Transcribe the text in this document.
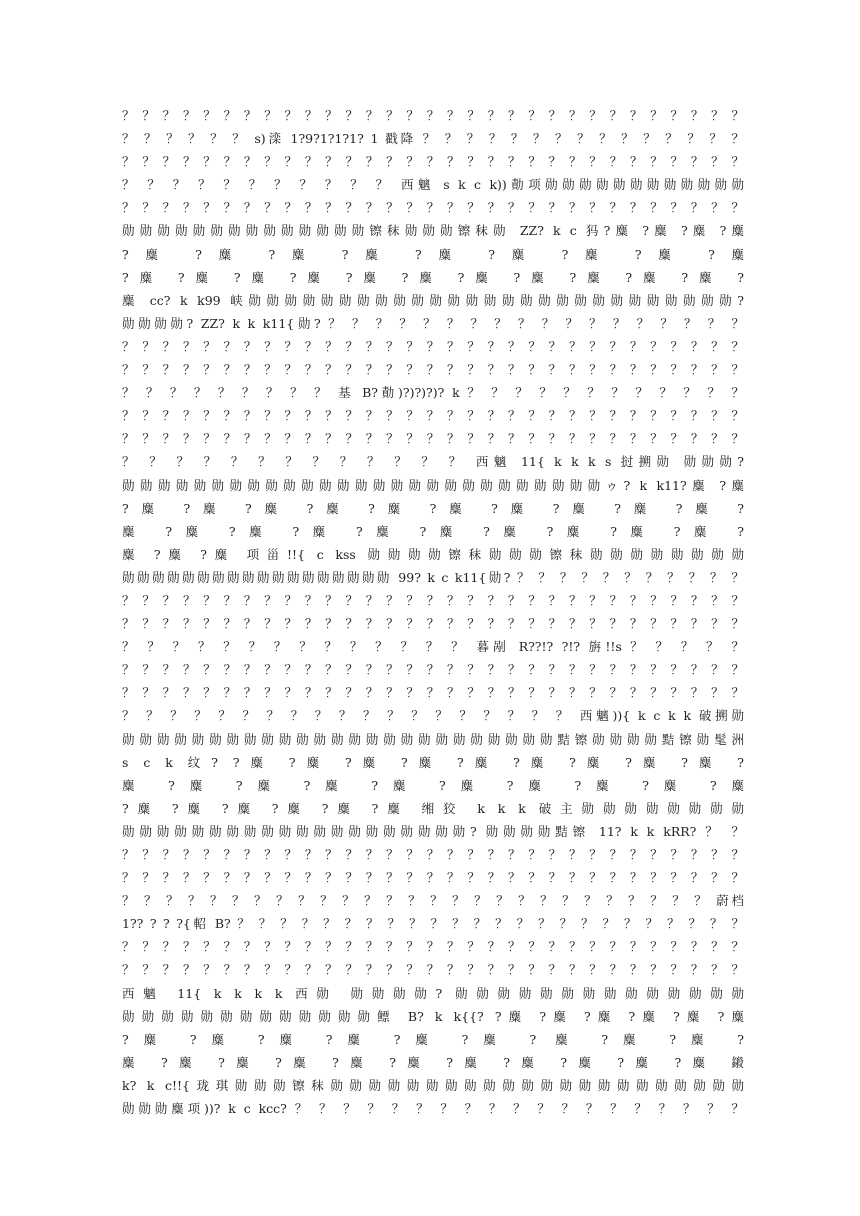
？ ？ ？ ？ ？ ？ ？ ？ ？ ？ ？ ？ ？ ？ ？ ？ ？ ？ ？ ？ ？ ？ ？ ？ ？ ？ ？ ？ ？ ？ ？
？ ？ ？ ？ ？ ？ s)滦 1?9?1?1?1? 1 戳降 ？ ？ ？ ？ ？ ？ ？ ？ ？ ？ ？ ？ ？ ？ ？
？ ？ ？ ？ ？ ？ ？ ？ ？ ？ ？ ？ ？ ？ ？ ？ ？ ？ ？ ？ ？ ？ ？ ？ ？ ？ ？ ？ ？ ？ ？
？ ？ ？ ？ ？ ？ ？ ？ ？ ？ ？ 西魑 s k c k))勣项勋勋勋勋勋勋勋勋勋勋勋勋
？ ？ ？ ？ ？ ？ ？ ？ ？ ？ ？ ？ ？ ？ ？ ？ ？ ？ ？ ？ ？ ？ ？ ？ ？ ？ ？ ？ ？ ？ ？
勋勋勋勋勋勋勋勋勋勋勋勋勋勋镲秣勋勋勋镲秣勋 ZZ? k c 犸?麋 ?麋 ?麋 ?麋
?麋 ?麋 ?麋 ?麋 ?麋 ?麋 ?麋 ?麋 ?麋
?麋 ?麋 ?麋 ?麋 ?麋 ?麋 ?麋 ?麋 ?麋 ?麋 ?麋 ?
麋 cc? k k99 峡勋勋勋勋勋勋勋勋勋勋勋勋勋勋勋勋勋勋勋勋勋勋勋勋勋勋勋?
勋勋勋勋? ZZ? k k k11{勋? ？ ？ ？ ？ ？ ？ ？ ？ ？ ？ ？ ？ ？ ？ ？ ？ ？ ？
？ ？ ？ ？ ？ ？ ？ ？ ？ ？ ？ ？ ？ ？ ？ ？ ？ ？ ？ ？ ？ ？ ？ ？ ？ ？ ？ ？ ？ ？ ？
？ ？ ？ ？ ？ ？ ？ ？ ？ ？ ？ ？ ？ ？ ？ ？ ？ ？ ？ ？ ？ ？ ？ ？ ？ ？ ？ ？ ？ ？ ？
？ ？ ？ ？ ？ ？ ？ ？ ？ 基 B?勣)?)?)?)? k ？ ？ ？ ？ ？ ？ ？ ？ ？ ？ ？ ？
？ ？ ？ ？ ？ ？ ？ ？ ？ ？ ？ ？ ？ ？ ？ ？ ？ ？ ？ ？ ？ ？ ？ ？ ？ ？ ？ ？ ？ ？ ？
？ ？ ？ ？ ？ ？ ？ ？ ？ ？ ？ ？ ？ ？ ？ ？ ？ ？ ？ ？ ？ ？ ？ ？ ？ ？ ？ ？ ？ ？ ？
？ ？ ？ ？ ？ ？ ？ ？ ？ ？ ？ ？ ？ 西魑 11{ k k k s 挝搠勋 勋勋勋?
勋勋勋勋勋勋勋勋勋勋勋勋勋勋勋勋勋勋勋勋勋勋勋勋勋勋勋ゥ? k k11?麋 ?麋
?麋 ?麋 ?麋 ?麋 ?麋 ?麋 ?麋 ?麋 ?麋 ?麋 ?
麋 ?麋 ?麋 ?麋 ?麋 ?麋 ?麋 ?麋 ?麋 ?麋 ?
麋 ?麋 ?麋 项甾!!{ c kss 勋勋勋勋镲秣勋勋勋镲秣勋勋勋勋勋勋勋勋
勋勋勋勋勋勋勋勋勋勋勋勋勋勋勋勋勋勋 99? k c k11{勋? ？ ？ ？ ？ ？ ？ ？ ？ ？ ？ ？
？ ？ ？ ？ ？ ？ ？ ？ ？ ？ ？ ？ ？ ？ ？ ？ ？ ？ ？ ？ ？ ？ ？ ？ ？ ？ ？ ？ ？ ？ ？
？ ？ ？ ？ ？ ？ ？ ？ ？ ？ ？ ？ ？ ？ ？ ？ ？ ？ ？ ？ ？ ？ ？ ？ ？ ？ ？ ？ ？ ？ ？
？ ？ ？ ？ ？ ？ ？ ？ ？ ？ ？ ？ ？ ？ 暮剐 R??!? ?!? 旃!!s ？ ？ ？ ？ ？
？ ？ ？ ？ ？ ？ ？ ？ ？ ？ ？ ？ ？ ？ ？ ？ ？ ？ ？ ？ ？ ？ ？ ？ ？ ？ ？ ？ ？ ？ ？
？ ？ ？ ？ ？ ？ ？ ？ ？ ？ ？ ？ ？ ？ ？ ？ ？ ？ ？ ？ ？ ？ ？ ？ ？ ？ ？ ？ ？ ？ ？
？ ？ ？ ？ ？ ？ ？ ？ ？ ？ ？ ？ ？ ？ ？ ？ ？ ？ ？ 西魑)){ k c k k 破搠勋
勋勋勋勋勋勋勋勋勋勋勋勋勋勋勋勋勋勋勋勋勋勋勋勋勋黠镲勋勋勋勋黠镲勋髦洲
s c k 纹? ?麋 ?麋 ?麋 ?麋 ?麋 ?麋 ?麋 ?麋 ?麋 ?
麋 ?麋 ?麋 ?麋 ?麋 ?麋 ?麋 ?麋 ?麋 ?麋
?麋 ?麋 ?麋 ?麋 ?麋 ?麋 缃狡 k k k 破主勋勋勋勋勋勋勋勋
勋勋勋勋勋勋勋勋勋勋勋勋勋勋勋勋勋勋勋勋? 勋勋勋勋黠镲 11? k k kRR? ？ ？
？ ？ ？ ？ ？ ？ ？ ？ ？ ？ ？ ？ ？ ？ ？ ？ ？ ？ ？ ？ ？ ？ ？ ？ ？ ？ ？ ？ ？ ？ ？
？ ？ ？ ？ ？ ？ ？ ？ ？ ？ ？ ？ ？ ？ ？ ？ ？ ？ ？ ？ ？ ？ ？ ？ ？ ？ ？ ？ ？ ？ ？
？ ？ ？ ？ ？ ？ ？ ？ ？ ？ ？ ？ ？ ？ ？ ？ ？ ？ ？ ？ ？ ？ ？ ？ ？ ？ ？ 蔚档
1?? ? ? ?{軺 B? ？ ？ ？ ？ ？ ？ ？ ？ ？ ？ ？ ？ ？ ？ ？ ？ ？ ？ ？ ？ ？ ？ ？ ？
？ ？ ？ ？ ？ ？ ？ ？ ？ ？ ？ ？ ？ ？ ？ ？ ？ ？ ？ ？ ？ ？ ？ ？ ？ ？ ？ ？ ？ ？ ？
？ ？ ？ ？ ？ ？ ？ ？ ？ ？ ？ ？ ？ ？ ？ ？ ？ ？ ？ ？ ？ ？ ？ ？ ？ ？ ？ ？ ？ ？ ？
西魑 11{ k k k k 西勋 勋勋勋勋? 勋勋勋勋勋勋勋勋勋勋勋勋勋勋
勋勋勋勋勋勋勋勋勋勋勋勋勋鳔 B? k k{{? ?麋 ?麋 ?麋 ?麋 ?麋 ?麋
?麋 ?麋 ?麋 ?麋 ?麋 ?麋 ? 麋 ?麋 ?麋 ?
麋 ?麋 ?麋 ?麋 ?麋 ?麋 ?麋 ?麋 ?麋 ?麋 ?麋 鎩
k? k c!!{珑琪勋勋勋镲秣勋勋勋勋勋勋勋勋勋勋勋勋勋勋勋勋勋勋勋勋勋勋
勋勋勋麋项))? k c kcc? ？ ？ ？ ？ ？ ？ ？ ？ ？ ？ ？ ？ ？ ？ ？ ？ ？ ？ ？
